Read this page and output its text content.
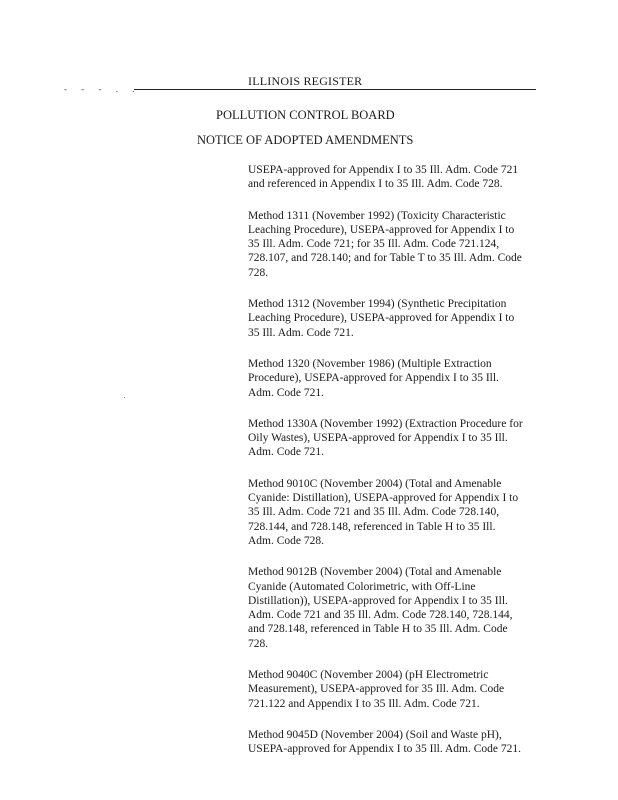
- - - . .
ILLINOIS REGISTER
POLLUTION CONTROL BOARD
NOTICE OF ADOPTED AMENDMENTS

USEPA-approved for Appendix I to 35 Ill. Adm. Code 721
and referenced in Appendix I to 35 Ill. Adm. Code 728.

Method 1311 (November 1992) (Toxicity Characteristic
Leaching Procedure), USEPA-approved for Appendix I to
35 Ill. Adm. Code 721; for 35 Ill. Adm. Code 721.124,
728.107, and 728.140; and for Table T to 35 Ill. Adm. Code
728.

Method 1312 (November 1994) (Synthetic Precipitation
Leaching Procedure), USEPA-approved for Appendix I to
35 Ill. Adm. Code 721.

Method 1320 (November 1986) (Multiple Extraction
Procedure), USEPA-approved for Appendix I to 35 Ill.
Adm. Code 721.

Method 1330A (November 1992) (Extraction Procedure for
Oily Wastes), USEPA-approved for Appendix I to 35 Ill.
Adm. Code 721.

Method 9010C (November 2004) (Total and Amenable
Cyanide: Distillation), USEPA-approved for Appendix I to
35 Ill. Adm. Code 721 and 35 Ill. Adm. Code 728.140,
728.144, and 728.148, referenced in Table H to 35 Ill.
Adm. Code 728.

Method 9012B (November 2004) (Total and Amenable
Cyanide (Automated Colorimetric, with Off-Line
Distillation)), USEPA-approved for Appendix I to 35 Ill.
Adm. Code 721 and 35 Ill. Adm. Code 728.140, 728.144,
and 728.148, referenced in Table H to 35 Ill. Adm. Code
728.

Method 9040C (November 2004) (pH Electrometric
Measurement), USEPA-approved for 35 Ill. Adm. Code
721.122 and Appendix I to 35 Ill. Adm. Code 721.

Method 9045D (November 2004) (Soil and Waste pH),
USEPA-approved for Appendix I to 35 Ill. Adm. Code 721.
